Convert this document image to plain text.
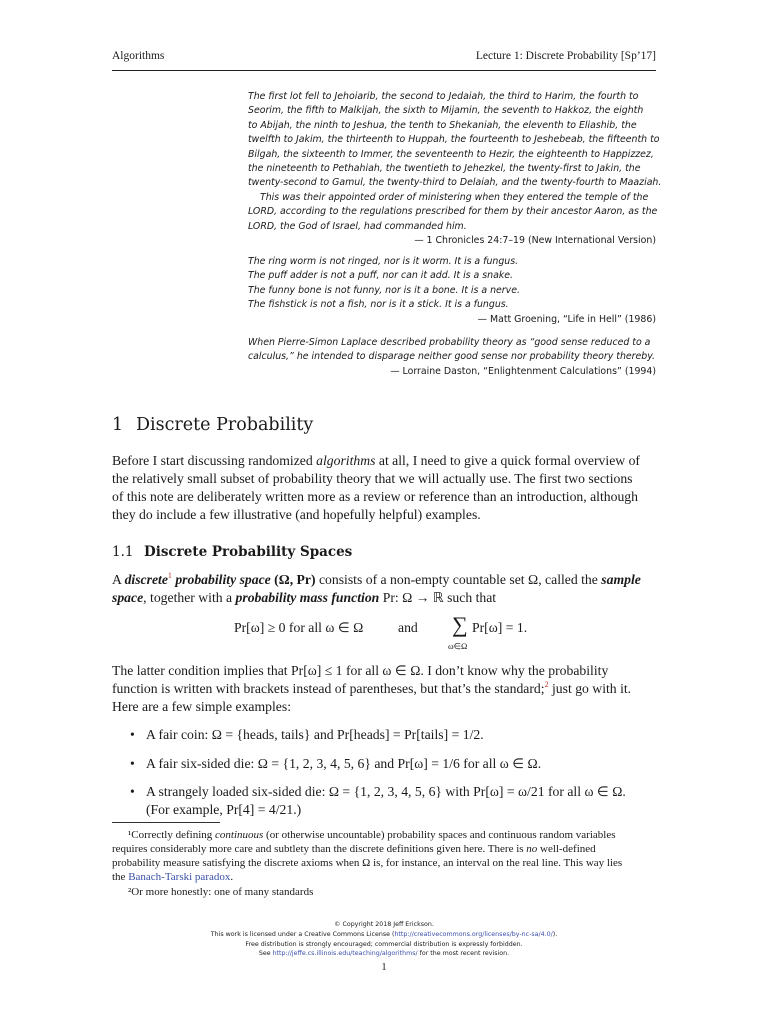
Algorithms	Lecture 1: Discrete Probability [Sp’17]
The first lot fell to Jehoiarib, the second to Jedaiah, the third to Harim, the fourth to
Seorim, the fifth to Malkijah, the sixth to Mijamin, the seventh to Hakkoz, the eighth
to Abijah, the ninth to Jeshua, the tenth to Shekaniah, the eleventh to Eliashib, the
twelfth to Jakim, the thirteenth to Huppah, the fourteenth to Jeshebeab, the fifteenth to
Bilgah, the sixteenth to Immer, the seventeenth to Hezir, the eighteenth to Happizzez,
the nineteenth to Pethahiah, the twentieth to Jehezkel, the twenty-first to Jakin, the
twenty-second to Gamul, the twenty-third to Delaiah, and the twenty-fourth to Maaziah.
This was their appointed order of ministering when they entered the temple of the
LORD, according to the regulations prescribed for them by their ancestor Aaron, as the
LORD, the God of Israel, had commanded him.
— 1 Chronicles 24:7–19 (New International Version)
The ring worm is not ringed, nor is it worm. It is a fungus.
The puff adder is not a puff, nor can it add. It is a snake.
The funny bone is not funny, nor is it a bone. It is a nerve.
The fishstick is not a fish, nor is it a stick. It is a fungus.
— Matt Groening, “Life in Hell” (1986)
When Pierre-Simon Laplace described probability theory as “good sense reduced to a
calculus,” he intended to disparage neither good sense nor probability theory thereby.
— Lorraine Daston, “Enlightenment Calculations” (1994)
1 Discrete Probability
Before I start discussing randomized algorithms at all, I need to give a quick formal overview of
the relatively small subset of probability theory that we will actually use. The first two sections
of this note are deliberately written more as a review or reference than an introduction, although
they do include a few illustrative (and hopefully helpful) examples.
1.1 Discrete Probability Spaces
A discrete$^1$ probability space (Ω, Pr) consists of a non-empty countable set Ω, called the sample
space, together with a probability mass function Pr: Ω → ℝ such that
Pr[ω] ≥ 0 for all ω ∈ Ω	and ∑
ω∈Ω
Pr[ω] = 1.
The latter condition implies that Pr[ω] ≤ 1 for all ω ∈ Ω. I don’t know why the probability
function is written with brackets instead of parentheses, but that’s the standard;$^2$ just go with it.
Here are a few simple examples:
• A fair coin: Ω = {heads, tails} and Pr[heads] = Pr[tails] = 1/2.
• A fair six-sided die: Ω = {1, 2, 3, 4, 5, 6} and Pr[ω] = 1/6 for all ω ∈ Ω.
• A strangely loaded six-sided die: Ω = {1, 2, 3, 4, 5, 6} with Pr[ω] = ω/21 for all ω ∈ Ω.
(For example, Pr[4] = 4/21.)
¹Correctly defining continuous (or otherwise uncountable) probability spaces and continuous random variables
requires considerably more care and subtlety than the discrete definitions given here. There is no well-defined
probability measure satisfying the discrete axioms when Ω is, for instance, an interval on the real line. This way lies
the Banach-Tarski paradox.
²Or more honestly: one of many standards
© Copyright 2018 Jeff Erickson.
This work is licensed under a Creative Commons License (http://creativecommons.org/licenses/by-nc-sa/4.0/).
Free distribution is strongly encouraged; commercial distribution is expressly forbidden.
See http://jeffe.cs.illinois.edu/teaching/algorithms/ for the most recent revision.
1
